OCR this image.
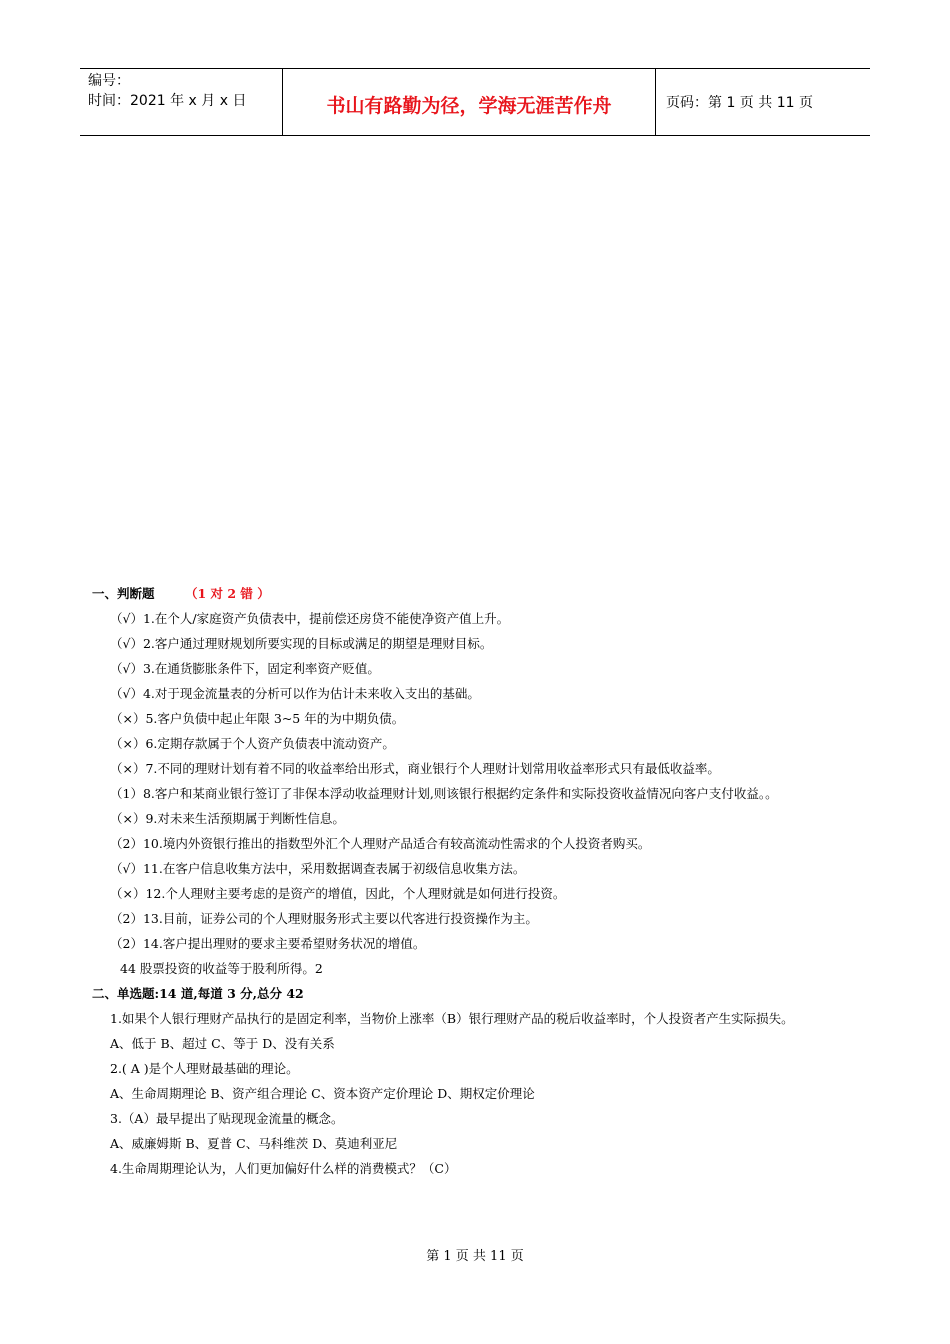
编号：
时间：2021 年 x 月 x 日	书山有路勤为径，学海无涯苦作舟	页码：第 1 页 共 11 页
一、判断题 （1 对 2 错 ）
（√）1.在个人/家庭资产负债表中，提前偿还房贷不能使净资产值上升。
（√）2.客户通过理财规划所要实现的目标或满足的期望是理财目标。
（√）3.在通货膨胀条件下，固定利率资产贬值。
（√）4.对于现金流量表的分析可以作为估计未来收入支出的基础。
（×）5.客户负债中起止年限 3~5 年的为中期负债。
（×）6.定期存款属于个人资产负债表中流动资产。
（×）7.不同的理财计划有着不同的收益率给出形式，商业银行个人理财计划常用收益率形式只有最低收益率。
（1）8.客户和某商业银行签订了非保本浮动收益理财计划,则该银行根据约定条件和实际投资收益情况向客户支付收益。。
（×）9.对未来生活预期属于判断性信息。
（2）10.境内外资银行推出的指数型外汇个人理财产品适合有较高流动性需求的个人投资者购买。
（√）11.在客户信息收集方法中，采用数据调查表属于初级信息收集方法。
（×）12.个人理财主要考虑的是资产的增值，因此，个人理财就是如何进行投资。
（2）13.目前，证券公司的个人理财服务形式主要以代客进行投资操作为主。
（2）14.客户提出理财的要求主要希望财务状况的增值。
44 股票投资的收益等于股利所得。2
二、单选题:14 道,每道 3 分,总分 42
1.如果个人银行理财产品执行的是固定利率，当物价上涨率（B）银行理财产品的税后收益率时，个人投资者产生实际损失。
A、低于 B、超过 C、等于 D、没有关系
2.( A )是个人理财最基础的理论。
A、生命周期理论 B、资产组合理论 C、资本资产定价理论 D、期权定价理论
3.（A）最早提出了贴现现金流量的概念。
A、威廉姆斯 B、夏普 C、马科维茨 D、莫迪利亚尼
4.生命周期理论认为，人们更加偏好什么样的消费模式？（C）
第 1 页 共 11 页
